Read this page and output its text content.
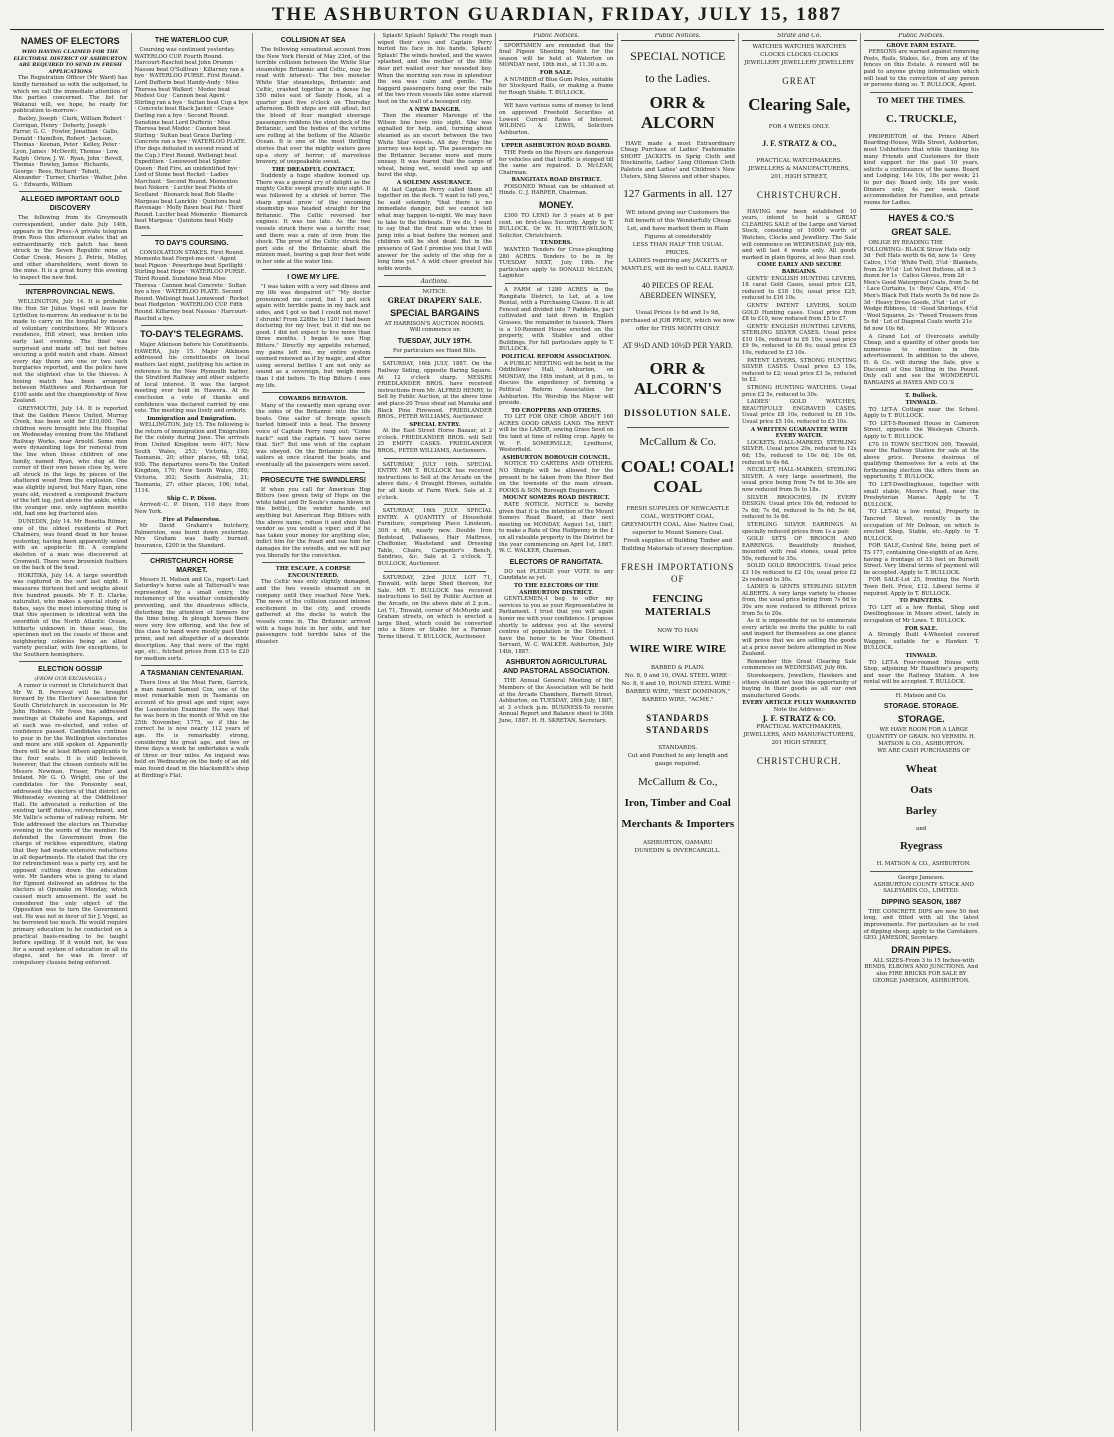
THE ASHBURTON GUARDIAN, FRIDAY, JULY 15, 1887
NAMES OF ELECTORS
WHO HAVING CLAIMED FOR THE ELECTORAL DISTRICT OF ASHBURTON ARE REQUIRED TO SEND IN FRESH APPLICATIONS

The Registration Officer (Mr Ward) has kindly furnished us with the subjoined, to which we call the immediate attention of the parties concerned. The list for Wakanui will, we hope, be ready for publication to-morrow:-

Baxley, Joseph · Clark, William Robert · Corrigan, Henry · Doherty, Joseph · Farrar, G. C. · Fowler, Jonathan · Gallo, Donald · Hamilton, Robert · Jackson, Thomas · Keenan, Peter · Kelley, Peter · Lyon, James · McDevitt, Thomas · Low, Ralph · Orlow, J. W. · Ryan, John · Revell, Thomas · Rowley, James · Richards, George · Rees, Richard · Tebutt, Alexander · Turner, Charles · Walter, John G. · Edwards, William

ALLEGED IMPORTANT GOLD DISCOVERY

The following from its Greymouth correspondent, under date July 14th, appears in the Press:-A private telegram from Ross this afternoon states that an extraordinarily rich patch has been struck in the Seven Republic mine at Cedar Creek. Messrs J. Petrie, Molloy, and other shareholders, went down to the mine. It is a great hurry this evening to inspect the new find.

INTERPROVINCIAL NEWS.

WELLINGTON, July 14. It is probable the Hon Sir Julius Vogel will leave for Lyttelton to-morrow. An endeavor is to be made to carry on the hospital by means of voluntary contributions. Mr Wilcox's residence, Hill street, was broken into early last evening. The thief was surprised and made off, but not before securing a gold watch and chain. Almost every day there are one or two such burglaries reported, and the police have not the slightest clue to the thieves. A boxing match has been arranged between Matthews and Richardson for £100 aside and the championship of New Zealand.

GREYMOUTH, July 14. It is reported that the Golden Fleece United, Murray Creek, has been sold for £10,000. Two children were brought into the Hospital on Wednesday evening from the Midland Railway Works, near Arnold. Some men were dynamiting logs for removal from the line when these children of one family, named Ryan, who dug at the corner of their own house close by, were all struck in the legs by pieces of the shattered wood from the explosion. One was slightly injured, but Mary Egan, nine years old, received a compound fracture of the left leg, just above the ankle, while the younger one, only eighteen months old, had one leg fractured also.

DUNEDIN, July 14. Mr Rosetta Ritmer, one of the oldest residents of Port Chalmers, was found dead in her house yesterday, having been apparently seized with an apoplectic fit. A complete skeleton of a man was discovered at Cromwell. There were brownish feathers on the back of the head.

HOKITIKA, July 14. A large swordfish was captured in the surf last night. It measures thirteen feet and weighs about five hundred pounds. Mr F. E. Clarke, naturalist, who makes a special study of fishes, says the most interesting thing is that this specimen is identical with the swordfish of the North Atlantic Ocean, hitherto unknown in these seas, the specimen met on the coasts of these and neighboring colonies being an allied variety peculiar, with few exceptions, to the Southern hemisphere.

ELECTION GOSSIP
(FROM OUR EXCHANGES.)

A rumor is current in Christchurch that Mr W. B. Perceval will be brought forward by the Electors' Association for South Christchurch in succession to Mr John Holmes. Mr Ivess has addressed meetings at Otakeho and Kaponga, and at each was re-elected, and votes of confidence passed. Candidates continue to pour in for the Wellington electorates and more are still spoken of. Apparently there will be at least fifteen applicants to the four seats. It is still believed, however, that the chosen contests will be Messrs Newman, Fraser, Fisher and Ireland. Mr G. O. Wright, one of the candidates for the Ponsonby seat, addressed the electors of that district on Wednesday evening at the Oddfellows' Hall. He advocated a reduction of the existing tariff duties, retrenchment, and Mr Vallis's scheme of railway reform. Mr Tole addressed the electors on Thursday evening in the words of the member. He defended the Government from the charge of reckless expenditure, stating that they had made extensive reductions in all departments. He stated that the cry for retrenchment was a party cry, and he opposed cutting down the education vote. Mr Sanders who is going to stand for Egmont delivered an address to the electors at Opunake on Monday, which caused much amusement. He said he considered the only object of the Opposition was to turn the Government out. He was not in favor of Sir J. Vogel, as he borrowed too much. He would require primary education to be conducted on a practical basis-reading to be taught before spelling. If it would not, he was for a sound system of education in all its stages, and he was in favor of compulsory clauses being enforced.

THE WATERLOO CUP.

Coursing was continued yesterday. WATERLOO CUP. Fourth Round. Harcourt-Raschid beat John Drumm · Nassau beat O'Sullivan · Killarney ran a bye · WATERLOO PURSE. First Round. Lord Dufferin beat Handy-Andy · Miss Theresa beat Walkerl · Modoc beat Modest Guy · Cannon beat Agent · Stirling ran a bye · Sultan beat Cup a bye · Concrete beat Black Jacket · Grace Darling ran a bye · Second Round. Sunshine beat Lord Dufferin · Miss Theresa beat Modoc · Cannon beat Stirling · Sultan beat Grace Darling · Concrete ran a bye · WATERLOO PLATE. (For dogs defeated in second round of the Cup.) First Round. Wellsingt beat Expedition · Lonewood beat Spider Queen · Red Fire, an unidentified bye · Lied of Stone beat Rocket · Ladies Marchant · Second Round. Mementos beat Nekorn · Lucifer beat Fields of Scotland · Bismarck beat Bob Sladle · Margeau beat Lanrkilo · Quintons beat Ravenage · Molly Bawn beat Pat · Third Round. Lucifer beat Momento · Bismarck beat Margeau · Quintons beat Molly Bawn.

TO DAY'S COURSING.

CONSOLATION STAKES. First Round. Momento beat Forget-me-not · Agent beat Pigeon · Powerhope beat Spotlight · Stirling beat Hope · WATERLOO PURSE. Third Round. Sunshine beat Miss Theresa · Cannon beat Concrete · Sultan bye a bye · WATERLOO PLATE. Second Round. Wellsingt beat Lonewood · Rocket beat Hedgeton · WATERLOO CUP. Fifth Round. Killarney beat Nassau · Harcourt-Raschid a bye.

TO-DAY'S TELEGRAMS.

Major Atkinson before his Constituents. HAWERA, July 15. Major Atkinson addressed his constituents on local matters last night, justifying his action in reference to the New Plymouth harbor, the Stratford Railway and other subjects of local interest. It was the largest meeting ever held in Hawera. At its conclusion a vote of thanks and confidence was declared carried by one vote. The meeting was lively and orderly.

Immigration and Emigration.

WELLINGTON, July 15. The following is the return of immigration and Emigration for the colony during June. The arrivals from United Kingdom were 407; New South Wales, 253; Victoria, 192; Tasmania, 20; other places, 68; total, 930. The departures were-To the United Kingdom, 170; New South Wales, 380; Victoria, 302; South Australia, 21; Tasmania, 27; other places, 106; total, 1114.

Ship C. P. Dixon.

Arrived:-C. P. Dixon, 110 days from New York.

Fire at Palmerston.

Mr David Graham's butchery, Palmerston, was burnt down yesterday. Mrs Graham was badly burned. Insurance, £200 in the Standard.

CHRISTCHURCH HORSE MARKET.

Messrs H. Matson and Co., report:-Last Saturday's horse sale at Tattersall's was represented by a small entry, the inclemency of the weather considerably preventing, and the disastrous effects, disturbing the attention of farmers for the time being. In plough horses there were very few offering, and the few of this class to hand were mostly past their prime, and not altogether of a desirable description. Any that were of the right age, etc., fetched prices from £15 to £20 for medium sorts.

A TASMANIAN CENTENARIAN.

There lives at the Moat Farm, Garrick, a man named Samuel Cox, one of the most remarkable men in Tasmania on account of his great age and vigor, says the Launceston Examiner. He says that he was born in the month of Whit on the 25th November, 1775, so if this be correct he is now nearly 112 years of age. He is remarkably strong, considering his great age, and two or three days a week he undertakes a walk of three or four miles. An inquest was held on Wednesday on the body of an old man found dead in the blacksmith's shop at Birdling's Flat.

COLLISION AT SEA

The following sensational account from the New York Herald of May 23rd, of the terrible collision between the White Star steamships Britannic and Celtic, may be read with interest:- The two monster White Star steamships, Britannic and Celtic, crashed together in a dense fog 350 miles east of Sandy Hook, at a quarter past five o'clock on Thursday afternoon. Both ships are still afloat, but the blood of four mangled steerage passengers reddens the stout deck of the Britannic, and the bodies of the victims are rolling at the bottom of the Atlantic Ocean. It is one of the most thrilling stories that ever the mighty waters gave up-a story of horror, of marvelous bravery, of unspeakable sweat.

THE DREADFUL CONTACT.

Suddenly a huge shadow loomed up. There was a general cry of delight as the mighty Celtic swept grandly into sight. It was followed by a shriek of terror. The sharp great prow of the oncoming steamship was headed straight for the Britannic. The Celtic reversed her engines. It was too late. As the two vessels struck there was a terrific roar, and there was a rain of iron from the shock. The prow of the Celtic struck the port side of the Britannic abaft the mizzen mast, tearing a gap four feet wide in her side at the water line.

I OWE MY LIFE.

"I was taken with a very sad illness and my life was despaired of." "My doctor pronounced me cured, but I got sick again with terrible pains in my back and sides, and I got so bad I could not move! I shrunk! From 228lbs to 120! I had been doctoring for my liver, but it did me no good. I did not expect to live more than three months. I began to use Hop Bitters." Directly my appetite returned, my pains left me, my entire system seemed renewed as if by magic, and after using several bottles I am not only as sound as a sovereign, but weigh more than I did before. To Hop Bitters I owe my life.

COWARDS BEHAVIOR.

Many of the cowardly men sprang over the sides of the Britannic into the life boats. One sailor of foreign speech hurled himself into a boat. The brawny voice of Captain Perry rang out: "Come back!" said the captain. "I have nerve that. Sir!" But one wish of the captain was obeyed. On the Britannic side the sailors at once cleared the boats, and eventually all the passengers were saved.

PROSECUTE THE SWINDLERS!

If when you call for American Hop Bitters (see green twig of Hops on the white label and Dr Soule's name blown in the bottle), the vendor hands out anything but American Hop Bitters with the above name, refuse it and shun that vendor as you would a viper; and if he has taken your money for anything else, indict him for the fraud and sue him for damages for the swindle, and we will pay you liberally for the conviction.

THE ESCAPE. A CORPSE ENCOUNTERED.

The Celtic was only slightly damaged, and the two vessels steamed on in company until they reached New York. The news of the collision caused intense excitement in the city, and crowds gathered at the docks to watch the vessels come in. The Britannic arrived with a huge hole in her side, and her passengers told terrible tales of the disaster.

Splash! Splash! Splash! The rough man wiped their eyes and Captain Perry hurled his face in his hands. Splash! Splash! The winds howled, and the waves splashed, and the mother of the little dear girl wailed over her wounded boy. When the morning sun rose in splendour the sea was calm and gentle. The haggard passengers hung over the rails of the two riven vessels like some starved host on the wall of a besieged city.

A NEW DANGER.

Then the steamer Marengo of the Wilson line hove into sight. She was signalled for help, and, turning about steamed as an escort between the two White Star vessels. All day Friday the journey was kept up. The passengers on the Britannic became more and more uneasy. It was feared that the cargo of wheat, being wet, would swell up and burst the ship.

A SOLEMN ASSURANCE.

At last Captain Perry called them all together on the deck. "I want to tell you," he said solemnly, "that there is no immediate danger, but we cannot tell what may happen to-night. We may have to take to the lifeboats. If we do, I want to say that the first man who tries to jump into a boat before the women and children will be shot dead. But in the presence of God I promise you that I will answer for the safety of the ship for a long time yet." A wild cheer greeted his noble words.

Auctions.
NOTICE.
GREAT DRAPERY SALE.
SPECIAL BARGAINS
AT HARRISON'S AUCTION ROOMS.
Will commence on
TUESDAY, JULY 19TH.
For particulars see Hand Bills.

SATURDAY, 16th JULY, 1887. On the Railway Siding, opposite Baring Square. At 12 o'clock sharp. MESSRS FRIEDLANDER BROS. have received instructions from Mr. ALFRED HENRY, to Sell by Public Auction, at the above time and place-20 Truss sheaf oat Manuka and Black Pine Firewood. FRIEDLANDER BROS., PETER WILLIAMS, Auctioneer.

SPECIAL ENTRY.

At the East Street Horse Bazaar, at 2 o'clock. FRIEDLANDER BROS. will Sell 25 EMPTY CASKS. FRIEDLANDER BROS., PETER WILLIAMS, Auctioneers.

SATURDAY, JULY 16th. SPECIAL ENTRY. MR T. BULLOCK has received instructions to Sell at the Arcade on the above date,- 4 Draught Horses, suitable for all kinds of Farm Work. Sale at 2 o'clock.

SATURDAY, 16th JULY. SPECIAL ENTRY. A QUANTITY of Household Furniture, comprising Piece Linoleum, 30ft x 6ft, nearly new. Double Iron Bedstead, Palliasses, Hair Mattress, Cheffonier, Washstand and Dressing Table, Chairs, Carpenter's Bench, Sundries, &c. Sale at 2 o'clock. T. BULLOCK, Auctioneer.

SATURDAY, 23rd JULY. LOT 71, Tinwald, with large Shed thereon, for Sale. MR T. BULLOCK has received instructions to Sell by Public Auction at the Arcade, on the above date at 2 p.m., Lot 71, Tinwald, corner of McMurdo and Graham streets, on which is erected a large Shed, which could be converted into a Store or Stable for a Farmer. Terms liberal. T. BULLOCK, Auctioneer.

Public Notices.

SPORTSMEN are reminded that the final Pigeon Shooting Match for the season will be held at Waterton on MONDAY next, 18th inst., at 11.30 a.m.

FOR SALE.

A NUMBER of Blue Gum Poles, suitable for Stockyard Rails, or making a frame for Rough Stable. T. BULLOCK.

WE have various sums of money to lend on approved Freehold Securities at Lowest Current Rates of Interest. WILDING & LEWIS, Solicitors Ashburton.

UPPER ASHBURTON ROAD BOARD.

THE Fords on the Rivers are dangerous for vehicles and that traffic is stopped till the same are repaired. D. McLEAN, Chairman.

RANGITATA ROAD DISTRICT.

POISONED Wheat can be obtained at Hinds. C. J. HARPER, Chairman.

MONEY.

£300 TO LEND for 3 years at 6 per cent. on first-class Security. Apply to T. BULLOCK. Or W. H. WHITE-WILSON, Solicitor, Christchurch.

TENDERS.

WANTED Tenders for Cross-ploughing 280 ACRES. Tenders to be in by TUESDAY NEXT, July 19th. For particulars apply to DONALD McLEAN, Lagmhor.

A FARM of 1280 ACRES in the Rangitata District, to Let, at a low Rental, with a Purchasing Clause. It is all Fenced and divided into 7 Paddocks, part cultivated and laid down in English Grasses, the remainder in tussock. There is a 10-Roomed House erected on the property, with Stables and other Buildings. For full particulars apply to T. BULLOCK.

POLITICAL REFORM ASSOCIATION.

A PUBLIC MEETING will be held in the Oddfellows' Hall, Ashburton, on MONDAY, the 18th instant, at 8 p.m., to discuss the expediency of forming a Political Reform Association for Ashburton. His Worship the Mayor will preside.

TO CROPPERS AND OTHERS.

TO LET FOR ONE CROP. ABOUT 160 ACRES GOOD GRASS LAND. The RENT will be the LABOR, sowing Grass Seed on the land at time of rolling crop. Apply to W. F. SOMERVILLE, Lyndhurst, Westerfield.

ASHBURTON BOROUGH COUNCIL.

NOTICE TO CARTERS AND OTHERS. NO Shingle will be allowed for the present to be taken from the River Bed on the townside of the main stream. POOKS & SON, Borough Engineers.

MOUNT SOMERS ROAD DISTRICT.

RATE NOTICE. NOTICE is hereby given that it is the intention of the Mount Somers Road Board, at their next meeting on MONDAY, August 1st, 1887, to make a Rate of One Halfpenny in the £ on all rateable property in the District for the year commencing on April 1st, 1887. W. C. WALKER, Chairman.

ELECTORS OF RANGITATA.

DO not PLEDGE your VOTE to any Candidate as yet.

TO THE ELECTORS OF THE ASHBURTON DISTRICT.

GENTLEMEN,-I beg to offer my services to you as your Representative in Parliament. I trust that you will again honor me with your confidence. I propose shortly to address you at the several centres of population in the District. I have the honor to be Your Obedient Servant, W. C. WALKER. Ashburton, July 14th, 1887.

ASHBURTON AGRICULTURAL AND PASTORAL ASSOCIATION.

THE Annual General Meeting of the Members of the Association will be held at the Arcade Chambers, Burnett Street, Ashburton, on TUESDAY, 26th July, 1887, at 3 o'clock p.m. BUSINESS-To receive Annual Report and Balance sheet to 30th June, 1887. H. H. SKRETAN, Secretary.

Public Notices.
SPECIAL NOTICE
to the Ladies.
ORR & ALCORN

HAVE made a most Extraordinary Cheap Purchase of Ladies' Fashionable SHORT JACKETS in Sprig Cloth and Stockinette, Ladies' Long Ottoman Cloth Paletots and Ladies' and Children's New Ulsters, Sling Sleeves and other shapes.

127 Garments in all. 127
WE intend giving our Customers the full benefit of this Wonderfully Cheap Lot, and have marked them in Plain Figures at considerably
LESS THAN HALF THE USUAL PRICES.
LADIES requiring any JACKETS or MANTLES, will do well to CALL EARLY.
40 PIECES OF REAL ABERDEEN WINSEY,
Usual Prices 1s 6d and 1s 9d, purchased at JOB PRICE, which we now offer for THIS MONTH ONLY
AT 9½D AND 10½D PER YARD.
ORR & ALCORN'S
DISSOLUTION SALE.
McCallum & Co.
COAL! COAL! COAL
FRESH SUPPLIES OF NEWCASTLE COAL, WESTPORT COAL, GREYMOUTH COAL. Also- Native Coal, superior to Mount Somers Coal.
Fresh supplies of Building Timber and Building Materials of every description.
FRESH IMPORTATIONS OF
FENCING MATERIALS
NOW TO HAN
WIRE WIRE WIRE
BARBED & PLAIN.
No. 8, 9 and 10, OVAL STEEL WIRE · No. 8, 9 and 10, ROUND STEEL WIRE · BARBED WIRE, "BEST DOMINION," BARBED WIRE, "ACME."
STANDARDS STANDARDS
STANDARDS.
Cut and Punched to any length and gauge required.
McCallum & Co.,
Iron, Timber and Coal
Merchants & Importers
ASHBURTON, OAMARU
DUNEDIN & INVERCARGILL.
Strate and Co.
WATCHES WATCHES WATCHES
CLOCKS CLOCKS CLOCKS
JEWELLERY JEWELLERY JEWELLERY
GREAT
Clearing Sale,
FOR 4 WEEKS ONLY.
J. F. STRATZ & CO.,
PRACTICAL WATCHMAKERS. JEWELLERS & MANUFACTURERS,
201, HIGH STREET,
CHRISTCHURCH.

HAVING now been established 10 years, intend to hold a GREAT CLEARING SALE of the Large and Varied Stock, consisting of 10000 worth of Watches, Clocks and Jewellery. The Sale will commence on WEDNESDAY, July 6th, and will last 4 weeks only. All goods marked in plain figures, at less than cost.

COME EARLY AND SECURE BARGAINS.

GENTS' ENGLISH HUNTING LEVERS. 18 carat Gold Cases, usual price £25, reduced to £18 10s; usual price £25, reduced to £16 10s.

GENTS' PATENT LEVERS, SOLID GOLD Hunting cases. Usual price from £8 to £10, now reduced from £5 to £7.

GENTS' ENGLISH HUNTING LEVERS, STERLING SILVER CASES. Usual price £10 10s, reduced to £6 10s; usual price £9 9s, reduced to £6 6s; usual price £5 10s, reduced to £3 10s.

PATENT LEVERS, STRONG HUNTING SILVER CASES. Usual price £3 15s, reduced to £2; usual price £3 3s, reduced to £2.

STRONG HUNTING WATCHES. Usual price £2 5s, reduced to 30s.

LADIES' GOLD WATCHES, BEAUTIFULLY ENGRAVED CASES. Usual price £8 10s, reduced to £6 10s. Usual price £5 10s, reduced to £3 10s.

A WRITTEN GUARANTEE WITH EVERY WATCH.

LOCKETS, HALL-MARKED, STERLING SILVER. Usual price 20s, reduced to 12s 6d; 15s, reduced to 10s 6d; 10s 6d, reduced to 6s 6d.

NECKLET, HALL-MARKED, STERLING SILVER. A very large assortment, the usual price being from 7s 6d to 30s are now reduced from 5s to 18s.

SILVER BROOCHES, IN EVERY DESIGN. Usual price 10s 6d, reduced to 7s 6d; 7s 6d, reduced to 5s 6d; 5s 6d, reduced to 3s 6d.

STERLING SILVER EARRINGS At specially reduced prices from 1s a pair.

GOLD SETS OF BROOCH AND EARRINGS. Beautifully finished, mounted with real stones, usual price 50s, reduced to 35s.

SOLID GOLD BROOCHES. Usual price £3 10s reduced to £2 10s; usual price £2 2s reduced to 30s.

LADIES & GENTS STERLING SILVER ALBERTS. A very large variety to choose from, the usual price being from 7s 6d to 30s are now reduced to different prices from 5s to 20s.

As it is impossible for us to enumerate every article we invite the public to call and inspect for themselves as one glance will prove that we are selling the goods at a price never before attempted in New Zealand.

Remember this Great Clearing Sale commences on WEDNESDAY, July 6th.

Storekeepers, Jewellers, Hawkers and others should not lose this opportunity of buying in their goods as all our own manufactured Goods.

EVERY ARTICLE FULLY WARRANTED
Note the Address:-
J. F. STRATZ & CO.
PRACTICAL WATCHMAKERS, JEWELLERS, AND MANUFACTURERS, 201 HIGH STREET,
CHRISTCHURCH.
Public Notices.
GROVE FARM ESTATE.

PERSONS are warned against removing Posts, Rails, Stakes, &c., from any of the fences on this Estate. A reward will be paid to anyone giving information which will lead to the conviction of any person or persons doing so. T. BULLOCK, Agent.

TO MEET THE TIMES.
C. TRUCKLE,

PROPRIETOR of the Prince Albert Boarding-House, Wills Street, Ashburton, most Ushbotters that while thanking his many Friends and Customers for their kind support for the past 10 years, solicits a continuance of the same. Board and Lodging, 14s 10s, 18s per week; 21 to per day. Board only, 18s per week. Dinners only, 4s per week. Good accommodation for Families, and private rooms for Ladies.

HAYES & CO.'S
GREAT SALE.

OBLIGE BY READING THE FOLLOWING:- BLACK Straw Hats only 3d · Felt Hats worth 6s 6d, now 1s · Grey Calico, 1½d · White Twill, 3½d · Blankets, from 2s 9½d · Lot Velvet Buttons, all in 3 dozen for 1s · Calico Gloves, from 2d · Men's Good Waterproof Coats, from 5s 6d · Lace Curtains, 1s · Boys' Caps, 4½d · Men's Black Felt Hats worth 5s 6d now 2s 3d · Heavy Dress Goods, 3¾d · Lot of Wedge Ribbons, 1d · Good Shirtings, 4½d · Wool Squares, 2s · Tweed Trousers from 5s 6d · Lot of Diagonal Coats worth 21s 6d now 10s 6d.

A Grand Lot of Overcoats awfully Cheap, and a quantity of other goods too numerous to mention in this advertisement. In addition to the above, H. & Co. will during the Sale, give a Discount of One Shilling in the Pound. Only call and see the WONDERFUL BARGAINS at HAYES AND CO.'S

T. Bullock.
TINWALD.

TO LET-A Cottage near the School. Apply to T. BULLOCK.

TO LET-5-Roomed House in Cameron Street, opposite the Wesleyan Church. Apply to T. BULLOCK.

£70 10 TOWN SECTION 309, Tinwald, near the Railway Station for sale at the above price. Persons desirous of qualifying themselves for a vote at the forthcoming election this offers them an opportunity. T. BULLOCK.

TO LET-Dwellinghouse, together with small stable, Moore's Road, near the Presbyterian Manse. Apply to T. BULLOCK.

TO LET-At a low rental, Property in Tancred Street, recently in the occupation of Mr Dolman, on which is erected Shop, Stable, etc.-Apply to T. BULLOCK.

FOR SALE,-Central Site, being part of TS 177, containing One-eighth of an Acre, having a frontage of 33 feet on Burnett Street. Very liberal terms of payment will be accepted.-Apply to T. BULLOCK.

FOR SALE-Lot 25, fronting the North Town Belt. Price, £12. Liberal terms if required. Apply to T. BULLOCK.

TO PAINTERS.

TO LET at a low Rental, Shop and Dwellinghouse in Moore street, lately in occupation of Mr Lowe. T. BULLOCK.

FOR SALE.

A Strongly Built 4-Wheeled covered Waggon, suitable for a Hawker. T. BULLOCK.

TINWALD.

TO LET-A Four-roomed House with Shop, adjoining Mr Hazeltine's property, and near the Railway Station. A low rental will be accepted. T. BULLOCK.

H. Matson and Co.
STORAGE. STORAGE.
STORAGE.

WE HAVE ROOM FOR A LARGE QUANTITY OF GRAIN. NO VERMIN. H. MATSON & CO., ASHBURTON.

WE ARE CASH PURCHASERS OF

Wheat
Oats
Barley
and
Ryegrass

H. MATSON & CO., ASHBURTON.

George Jameson.

ASHBURTON COUNTY STOCK AND SALEYARDS CO., LIMITED.

DIPPING SEASON, 1887

THE CONCRETE DIPS are now 50 feet long, and fitted with all the latest improvements. For particulars as to cost of dipping sheep, apply to the Caretakers. GEO. JAMESON, Secretary.

DRAIN PIPES.

ALL SIZES-From 3 to 15 Inches-with BENDS, ELBOWS AND JUNCTIONS. And also FIRE BRICKS FOR SALE BY GEORGE JAMESON, ASHBURTON.
